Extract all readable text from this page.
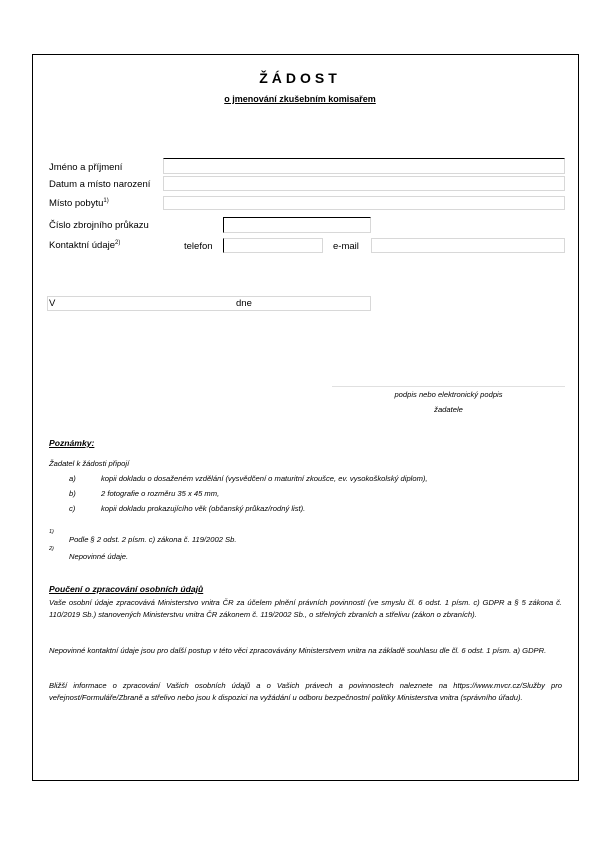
ŽÁDOST
o jmenování zkušebním komisařem
Jméno a příjmení
Datum a místo narození
Místo pobytu$^{1)}$
Číslo zbrojního průkazu
Kontaktní údaje$^{2)}$	telefon	e-mail
V	dne
podpis nebo elektronický podpis
žadatele
Poznámky:
Žadatel k žádosti připojí
a)	kopii dokladu o dosaženém vzdělání (vysvědčení o maturitní zkoušce, ev. vysokoškolský diplom),
b)	2 fotografie o rozměru 35 x 45 mm,
c)	kopii dokladu prokazujícího věk (občanský průkaz/rodný list).
1)
Podle § 2 odst. 2 písm. c) zákona č. 119/2002 Sb.
2)
Nepovinné údaje.
Poučení o zpracování osobních údajů
Vaše osobní údaje zpracovává Ministerstvo vnitra ČR za účelem plnění právních povinností (ve smyslu čl. 6 odst. 1 písm. c) GDPR a § 5 zákona č. 110/2019 Sb.) stanovených Ministerstvu vnitra ČR zákonem č. 119/2002 Sb., o střelných zbraních a střelivu (zákon o zbraních).
Nepovinné kontaktní údaje jsou pro další postup v této věci zpracovávány Ministerstvem vnitra na základě souhlasu dle čl. 6 odst. 1 písm. a) GDPR.
Bližší informace o zpracování Vašich osobních údajů a o Vašich právech a povinnostech naleznete na https://www.mvcr.cz/Služby pro veřejnost/Formuláře/Zbraně a střelivo nebo jsou k dispozici na vyžádání u odboru bezpečnostní politiky Ministerstva vnitra (správního úřadu).
